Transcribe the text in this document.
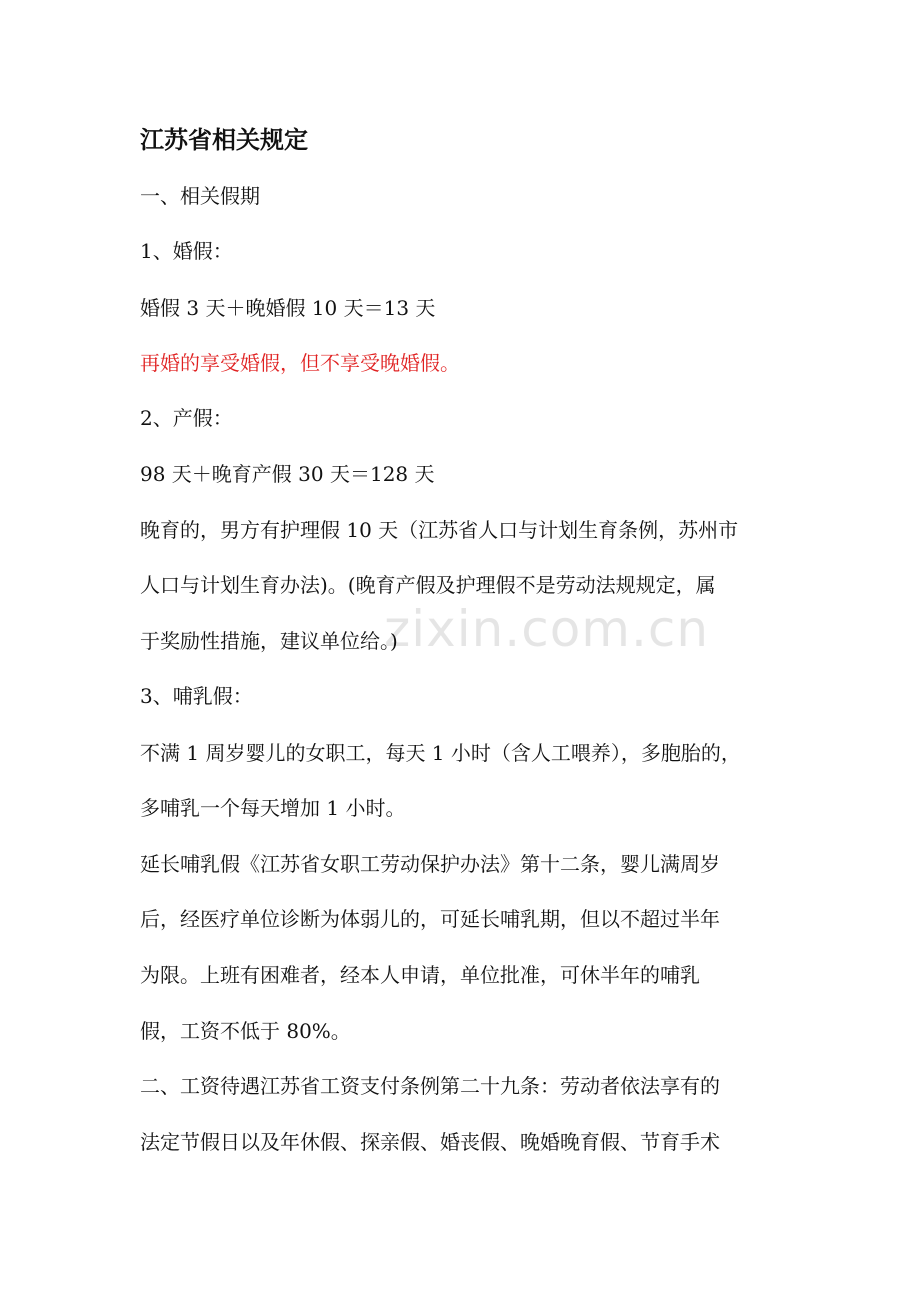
江苏省相关规定

一、相关假期

1、婚假：

婚假 3 天＋晚婚假 10 天＝13 天

再婚的享受婚假，但不享受晚婚假。

2、产假：

98 天＋晚育产假 30 天＝128 天

晚育的，男方有护理假 10 天（江苏省人口与计划生育条例，苏州市

人口与计划生育办法)。(晚育产假及护理假不是劳动法规规定，属

于奖励性措施，建议单位给。)

3、哺乳假：

不满 1 周岁婴儿的女职工，每天 1 小时（含人工喂养），多胞胎的，

多哺乳一个每天增加 1 小时。

延长哺乳假《江苏省女职工劳动保护办法》第十二条，婴儿满周岁

后，经医疗单位诊断为体弱儿的，可延长哺乳期，但以不超过半年

为限。上班有困难者，经本人申请，单位批准，可休半年的哺乳

假，工资不低于 80%。

二、工资待遇江苏省工资支付条例第二十九条：劳动者依法享有的

法定节假日以及年休假、探亲假、婚丧假、晚婚晚育假、节育手术

zixin.com.cn
